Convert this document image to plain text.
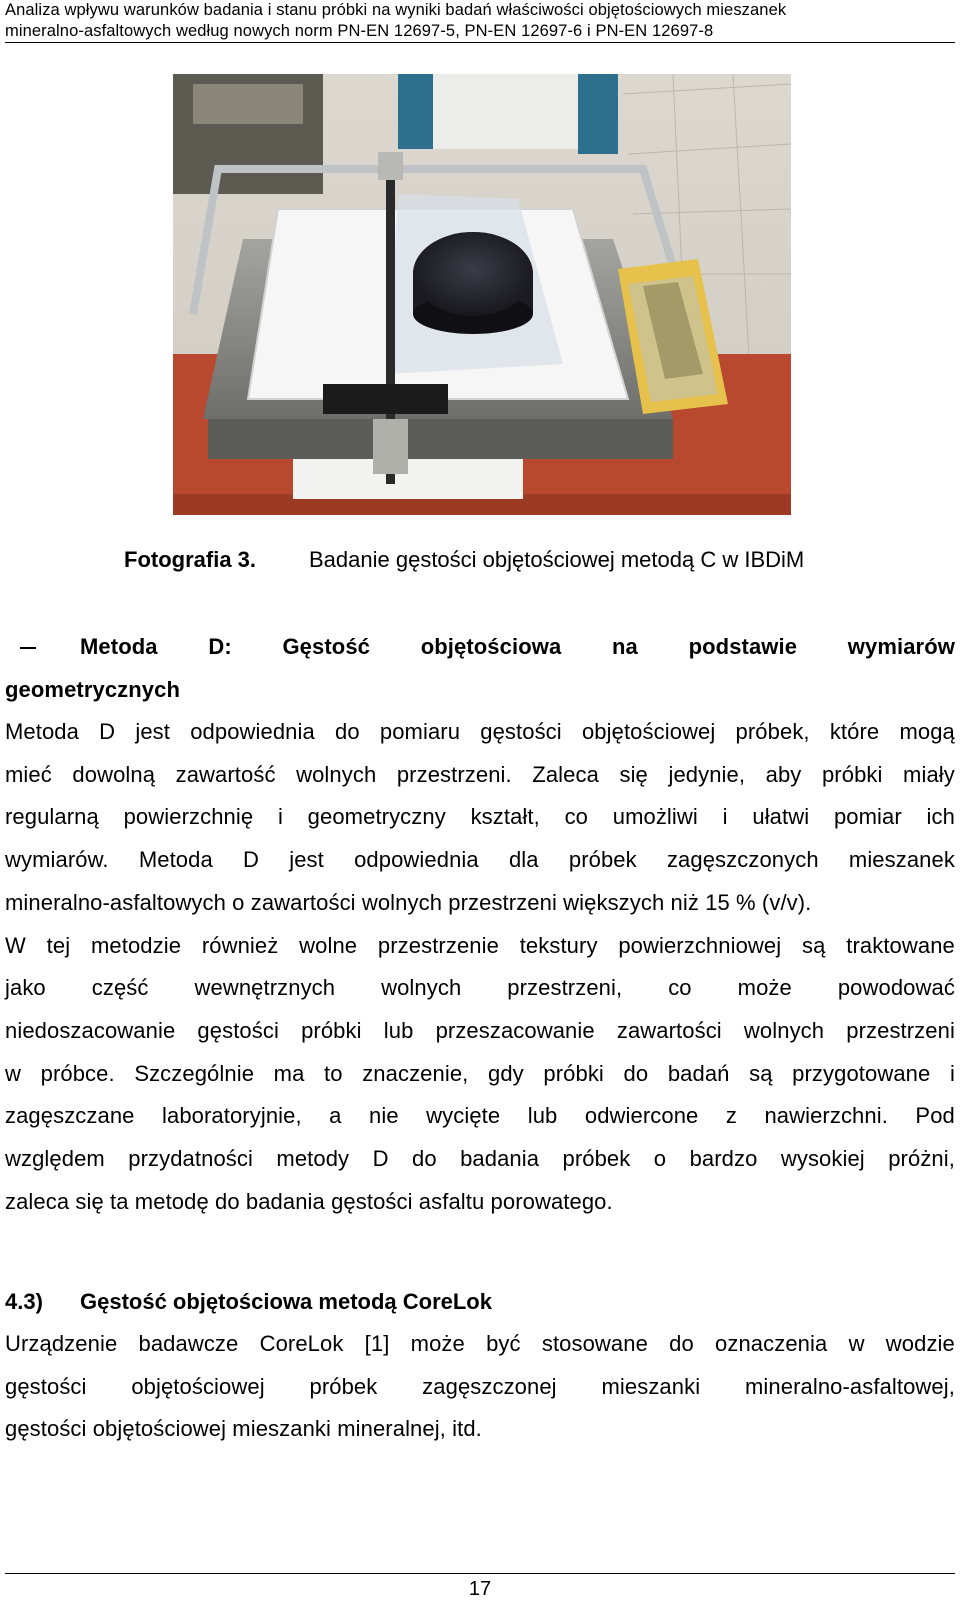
Analiza wpływu warunków badania i stanu próbki na wyniki badań właściwości objętościowych mieszanek
mineralno-asfaltowych według nowych norm PN-EN 12697-5, PN-EN 12697-6 i PN-EN 12697-8
Fotografia 3. Badanie gęstości objętościowej metodą C w IBDiM
Metoda D: Gęstość objętościowa na podstawie wymiarów
geometrycznych
Metoda D jest odpowiednia do pomiaru gęstości objętościowej próbek, które mogą
mieć dowolną zawartość wolnych przestrzeni. Zaleca się jedynie, aby próbki miały
regularną powierzchnię i geometryczny kształt, co umożliwi i ułatwi pomiar ich
wymiarów. Metoda D jest odpowiednia dla próbek zagęszczonych mieszanek
mineralno-asfaltowych o zawartości wolnych przestrzeni większych niż 15 % (v/v).
W tej metodzie również wolne przestrzenie tekstury powierzchniowej są traktowane
jako część wewnętrznych wolnych przestrzeni, co może powodować
niedoszacowanie gęstości próbki lub przeszacowanie zawartości wolnych przestrzeni
w próbce. Szczególnie ma to znaczenie, gdy próbki do badań są przygotowane i
zagęszczane laboratoryjnie, a nie wycięte lub odwiercone z nawierzchni. Pod
względem przydatności metody D do badania próbek o bardzo wysokiej próżni,
zaleca się ta metodę do badania gęstości asfaltu porowatego.
4.3) Gęstość objętościowa metodą CoreLok
Urządzenie badawcze CoreLok [1] może być stosowane do oznaczenia w wodzie
gęstości objętościowej próbek zagęszczonej mieszanki mineralno-asfaltowej,
gęstości objętościowej mieszanki mineralnej, itd.
17
